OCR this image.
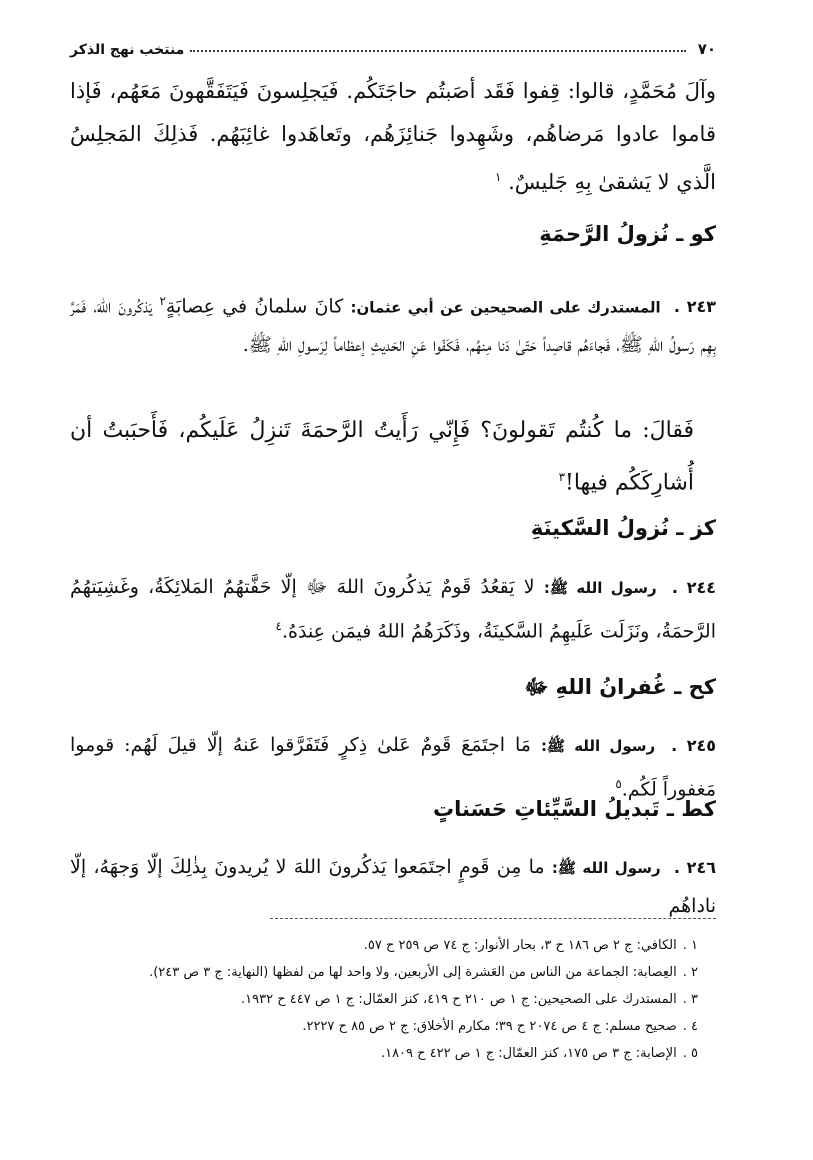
٧٠
منتخب نهج الذكر
وآلَ مُحَمَّدٍ، قالوا: قِفوا فَقَد أصَبتُم حاجَتَكُم. فَيَجلِسونَ فَيَتَفَقَّهونَ مَعَهُم، فَإذا قاموا عادوا مَرضاهُم، وشَهِدوا جَنائِزَهُم، وتَعاهَدوا غائِبَهُم. فَذلِكَ المَجلِسُ الَّذي لا يَشقىٰ بِهِ جَليسٌ. $^١$
كو ـ نُزولُ الرَّحمَةِ
٢٤٣ . المستدرك على الصحيحين عن أبي عثمان: كانَ سلمانُ في عِصابَةٍ$^٢$ يَذكُرونَ اللهَ، فَمَرَّ بِهِم رَسولُ اللهِ ﷺ، فَجاءَهُم قاصِداً حَتّىٰ دَنا مِنهُم، فَكَفّوا عَنِ الحَديثِ إعظاماً لِرَسولِ اللهِ ﷺ.
فَقالَ: ما كُنتُم تَقولونَ؟ فَإِنّي رَأَيتُ الرَّحمَةَ تَنزِلُ عَلَيكُم، فَأَحبَبتُ أن أُشارِكَكُم فيها!$^٣$
كز ـ نُزولُ السَّكينَةِ
٢٤٤ . رسول الله ﷺ: لا يَقعُدُ قَومٌ يَذكُرونَ اللهَ ﷻ إلّا حَفَّتهُمُ المَلائِكَةُ، وغَشِيَتهُمُ الرَّحمَةُ، ونَزَلَت عَلَيهِمُ السَّكينَةُ، وذَكَرَهُمُ اللهُ فيمَن عِندَهُ.$^٤$
كح ـ غُفرانُ اللهِ ﷻ
٢٤٥ . رسول الله ﷺ: مَا اجتَمَعَ قَومٌ عَلىٰ ذِكرٍ فَتَفَرَّقوا عَنهُ إلّا قيلَ لَهُم: قوموا مَغفوراً لَكُم.$^٥$
كط ـ تَبديلُ السَّيِّئاتِ حَسَناتٍ
٢٤٦ . رسول الله ﷺ: ما مِن قَومٍ اجتَمَعوا يَذكُرونَ اللهَ لا يُريدونَ بِذٰلِكَ إلّا وَجهَهُ، إلّا ناداهُم
١ .الكافي: ج ٢ ص ١٨٦ ح ٣، بحار الأنوار: ج ٧٤ ص ٢٥٩ ح ٥٧.
٢ .العِصابة: الجماعة من الناس من العَشرة إلى الأربعين، ولا واحد لها من لفظها (النهاية: ج ٣ ص ٢٤٣).
٣ .المستدرك على الصحيحين: ج ١ ص ٢١٠ ح ٤١٩، كنز العمّال: ج ١ ص ٤٤٧ ح ١٩٣٢.
٤ .صحيح مسلم: ج ٤ ص ٢٠٧٤ ح ٣٩؛ مكارم الأخلاق: ج ٢ ص ٨٥ ح ٢٢٢٧.
٥ .الإصابة: ج ٣ ص ١٧٥، كنز العمّال: ج ١ ص ٤٢٢ ح ١٨٠٩.
